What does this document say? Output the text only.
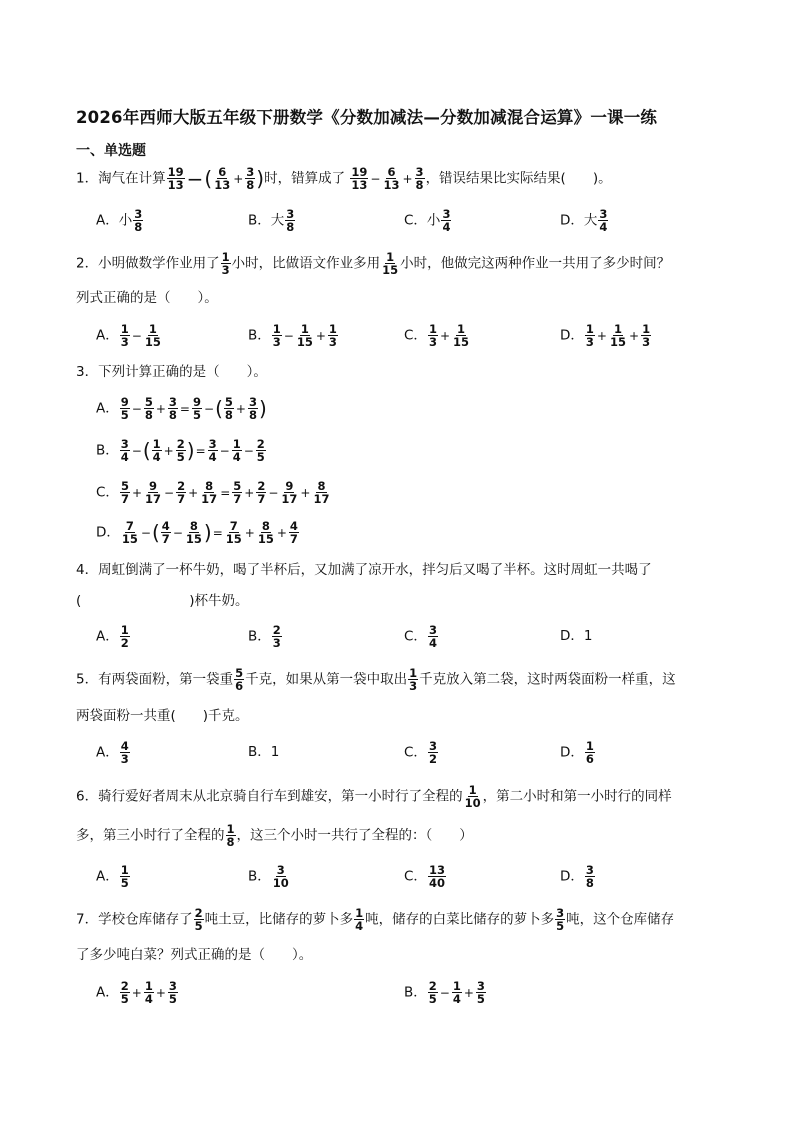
2026年西师大版五年级下册数学《分数加减法—分数加减混合运算》一课一练
一、单选题
1．淘气在计算 $\frac{19}{13}$ −( $\frac{6}{13} + \frac{3}{8}$ )时，错算成了 $\frac{19}{13} - \frac{6}{13} + \frac{3}{8}$ ，错误结果比实际结果(　　)。
A．小 $\frac{3}{8}$	B．大 $\frac{3}{8}$	C．小 $\frac{3}{4}$	D．大 $\frac{3}{4}$
2．小明做数学作业用了 $\frac{1}{3}$ 小时，比做语文作业多用 $\frac{1}{15}$ 小时，他做完这两种作业一共用了多少时间？
列式正确的是（　　）。
A． $\frac{1}{3} - \frac{1}{15}$	B． $\frac{1}{3} - \frac{1}{15} + \frac{1}{3}$	C． $\frac{1}{3} + \frac{1}{15}$	D． $\frac{1}{3} + \frac{1}{15} + \frac{1}{3}$
3．下列计算正确的是（　　）。
A． $\frac{9}{5} - \frac{5}{8} + \frac{3}{8} = \frac{9}{5}$ −( $\frac{5}{8} + \frac{3}{8}$ )
B． $\frac{3}{4}$ −( $\frac{1}{4} + \frac{2}{5}$ )= $\frac{3}{4} - \frac{1}{4} - \frac{2}{5}$
C． $\frac{5}{7} + \frac{9}{17} - \frac{2}{7} + \frac{8}{17} = \frac{5}{7} + \frac{2}{7} - \frac{9}{17} + \frac{8}{17}$
D． $\frac{7}{15}$ −( $\frac{4}{7} - \frac{8}{15}$ )= $\frac{7}{15} + \frac{8}{15} + \frac{4}{7}$
4．周虹倒满了一杯牛奶，喝了半杯后，又加满了凉开水，拌匀后又喝了半杯。这时周虹一共喝了
(　　　　　　　　)杯牛奶。
A． $\frac{1}{2}$	B． $\frac{2}{3}$	C． $\frac{3}{4}$	D．1
5．有两袋面粉，第一袋重 $\frac{5}{6}$ 千克，如果从第一袋中取出 $\frac{1}{3}$ 千克放入第二袋，这时两袋面粉一样重，这
两袋面粉一共重(　　)千克。
A． $\frac{4}{3}$	B．1	C． $\frac{3}{2}$	D． $\frac{1}{6}$
6．骑行爱好者周末从北京骑自行车到雄安，第一小时行了全程的 $\frac{1}{10}$ ，第二小时和第一小时行的同样
多，第三小时行了全程的 $\frac{1}{8}$ ，这三个小时一共行了全程的：（　　）
A． $\frac{1}{5}$	B． $\frac{3}{10}$	C． $\frac{13}{40}$	D． $\frac{3}{8}$
7．学校仓库储存了 $\frac{2}{5}$ 吨土豆，比储存的萝卜多 $\frac{1}{4}$ 吨，储存的白菜比储存的萝卜多 $\frac{3}{5}$ 吨，这个仓库储存
了多少吨白菜？列式正确的是（　　）。
A． $\frac{2}{5} + \frac{1}{4} + \frac{3}{5}$	B． $\frac{2}{5} - \frac{1}{4} + \frac{3}{5}$
